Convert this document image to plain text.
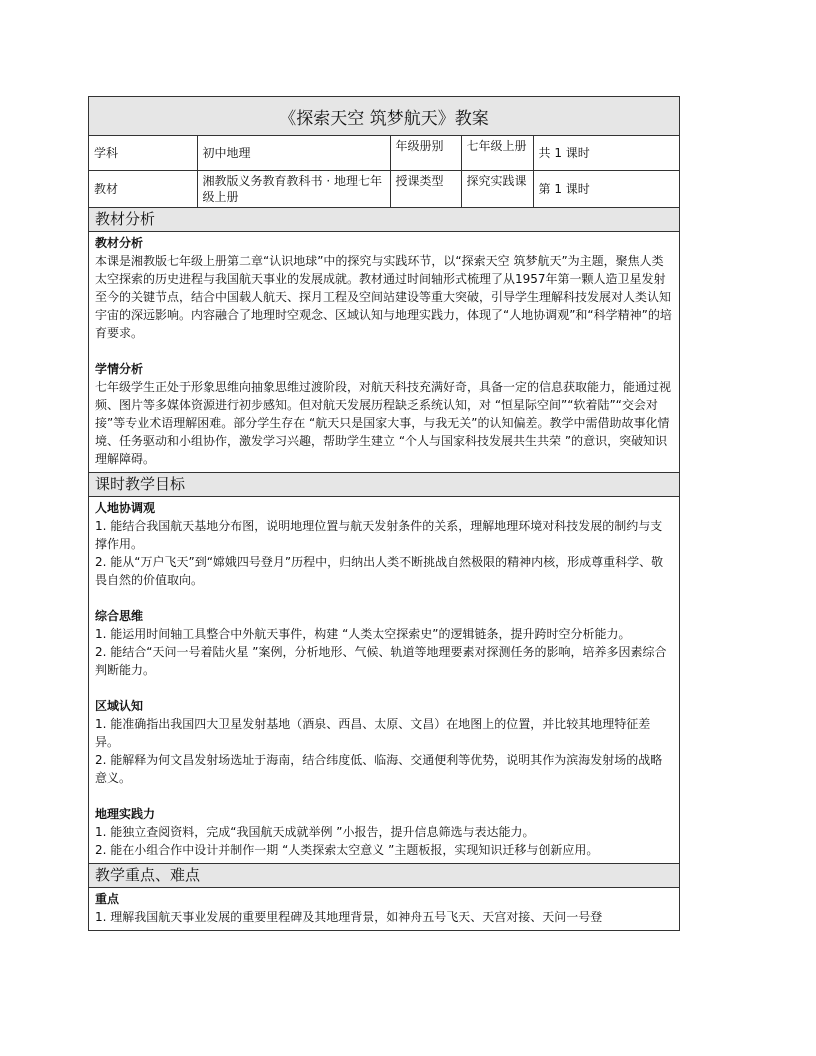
《探索天空 筑梦航天》教案
学科	初中地理	年级册别	七年级上册	共 1 课时
教材	湘教版义务教育教科书 · 地理七年级上册	授课类型	探究实践课	第 1 课时
教材分析

教材分析

本课是湘教版七年级上册第二章“认识地球”中的探究与实践环节，以“探索天空 筑梦航天”为主题，聚焦人类太空探索的历史进程与我国航天事业的发展成就。教材通过时间轴形式梳理了从1957年第一颗人造卫星发射至今的关键节点，结合中国载人航天、探月工程及空间站建设等重大突破，引导学生理解科技发展对人类认知宇宙的深远影响。内容融合了地理时空观念、区域认知与地理实践力，体现了“人地协调观”和“科学精神”的培育要求。

学情分析

七年级学生正处于形象思维向抽象思维过渡阶段，对航天科技充满好奇，具备一定的信息获取能力，能通过视频、图片等多媒体资源进行初步感知。但对航天发展历程缺乏系统认知，对 “恒星际空间”“软着陆”“交会对接”等专业术语理解困难。部分学生存在 “航天只是国家大事，与我无关”的认知偏差。教学中需借助故事化情境、任务驱动和小组协作，激发学习兴趣，帮助学生建立 “个人与国家科技发展共生共荣 ”的意识，突破知识理解障碍。

课时教学目标

人地协调观

1. 能结合我国航天基地分布图，说明地理位置与航天发射条件的关系，理解地理环境对科技发展的制约与支撑作用。

2. 能从“万户飞天”到“嫦娥四号登月”历程中，归纳出人类不断挑战自然极限的精神内核，形成尊重科学、敬畏自然的价值取向。

综合思维

1. 能运用时间轴工具整合中外航天事件，构建 “人类太空探索史”的逻辑链条，提升跨时空分析能力。

2. 能结合“天问一号着陆火星 ”案例，分析地形、气候、轨道等地理要素对探测任务的影响，培养多因素综合判断能力。

区域认知

1. 能准确指出我国四大卫星发射基地（酒泉、西昌、太原、文昌）在地图上的位置，并比较其地理特征差异。

2. 能解释为何文昌发射场选址于海南，结合纬度低、临海、交通便利等优势，说明其作为滨海发射场的战略意义。

地理实践力

1. 能独立查阅资料，完成“我国航天成就举例 ”小报告，提升信息筛选与表达能力。

2. 能在小组合作中设计并制作一期 “人类探索太空意义 ”主题板报，实现知识迁移与创新应用。

教学重点、难点

重点

1. 理解我国航天事业发展的重要里程碑及其地理背景，如神舟五号飞天、天宫对接、天问一号登
